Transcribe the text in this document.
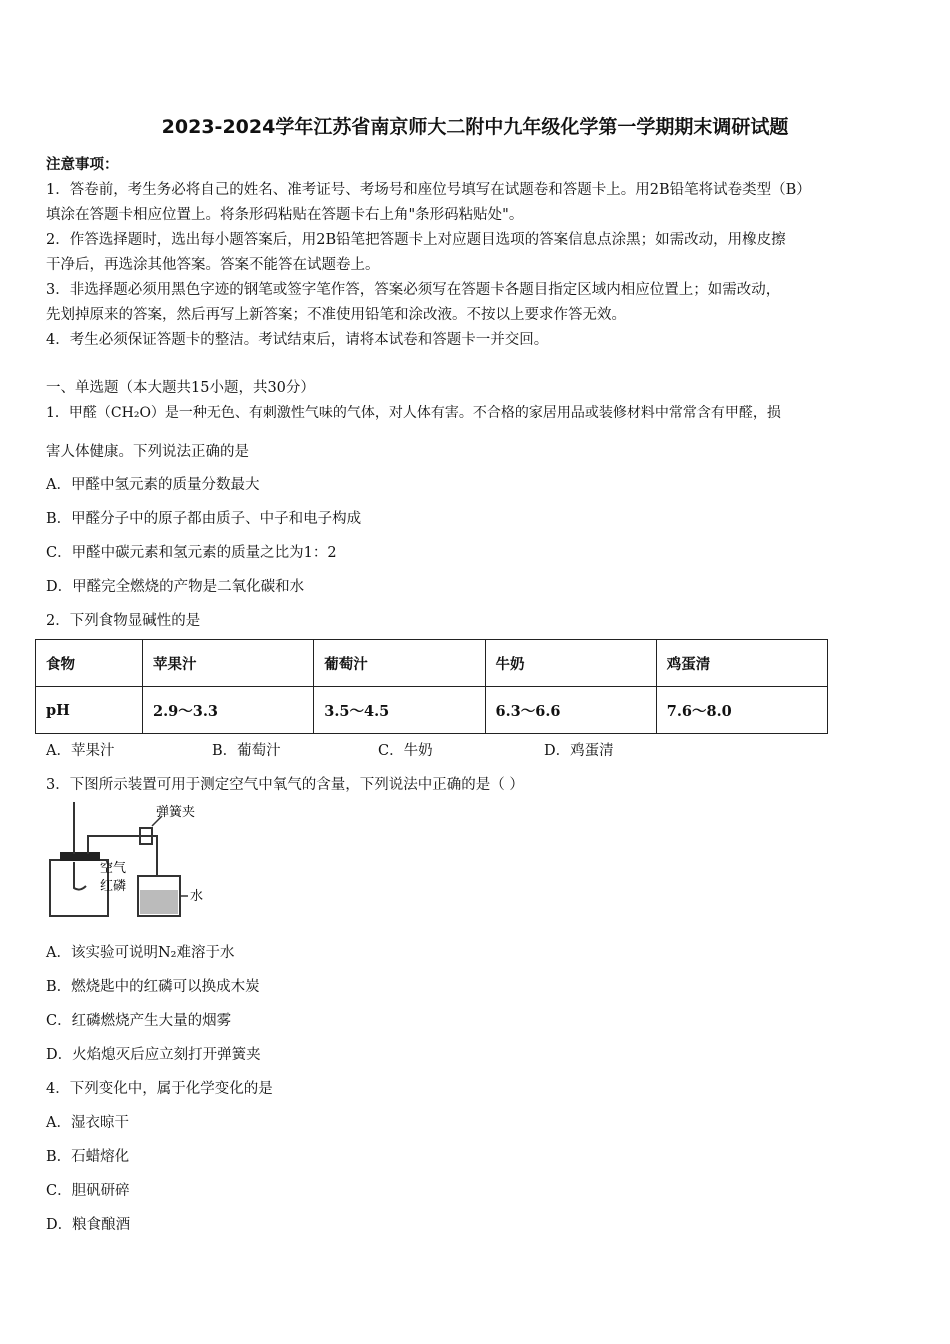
2023-2024学年江苏省南京师大二附中九年级化学第一学期期末调研试题
注意事项：
1．答卷前，考生务必将自己的姓名、准考证号、考场号和座位号填写在试题卷和答题卡上。用2B铅笔将试卷类型（B）
填涂在答题卡相应位置上。将条形码粘贴在答题卡右上角"条形码粘贴处"。
2．作答选择题时，选出每小题答案后，用2B铅笔把答题卡上对应题目选项的答案信息点涂黑；如需改动，用橡皮擦
干净后，再选涂其他答案。答案不能答在试题卷上。
3．非选择题必须用黑色字迹的钢笔或签字笔作答，答案必须写在答题卡各题目指定区域内相应位置上；如需改动，
先划掉原来的答案，然后再写上新答案；不准使用铅笔和涂改液。不按以上要求作答无效。
4．考生必须保证答题卡的整洁。考试结束后，请将本试卷和答题卡一并交回。
一、单选题（本大题共15小题，共30分）
1．甲醛（CH₂O）是一种无色、有刺激性气味的气体，对人体有害。不合格的家居用品或装修材料中常常含有甲醛，损
害人体健康。下列说法正确的是
A．甲醛中氢元素的质量分数最大
B．甲醛分子中的原子都由质子、中子和电子构成
C．甲醛中碳元素和氢元素的质量之比为1：2
D．甲醛完全燃烧的产物是二氧化碳和水
2．下列食物显碱性的是
食物	苹果汁	葡萄汁	牛奶	鸡蛋清
pH	2.9～3.3	3.5～4.5	6.3～6.6	7.6～8.0
A．苹果汁	B．葡萄汁	C．牛奶	D．鸡蛋清
3．下图所示装置可用于测定空气中氧气的含量，下列说法中正确的是（ ）
弹簧夹
空气
红磷
水
A．该实验可说明N₂难溶于水
B．燃烧匙中的红磷可以换成木炭
C．红磷燃烧产生大量的烟雾
D．火焰熄灭后应立刻打开弹簧夹
4．下列变化中，属于化学变化的是
A．湿衣晾干
B．石蜡熔化
C．胆矾研碎
D．粮食酿酒
